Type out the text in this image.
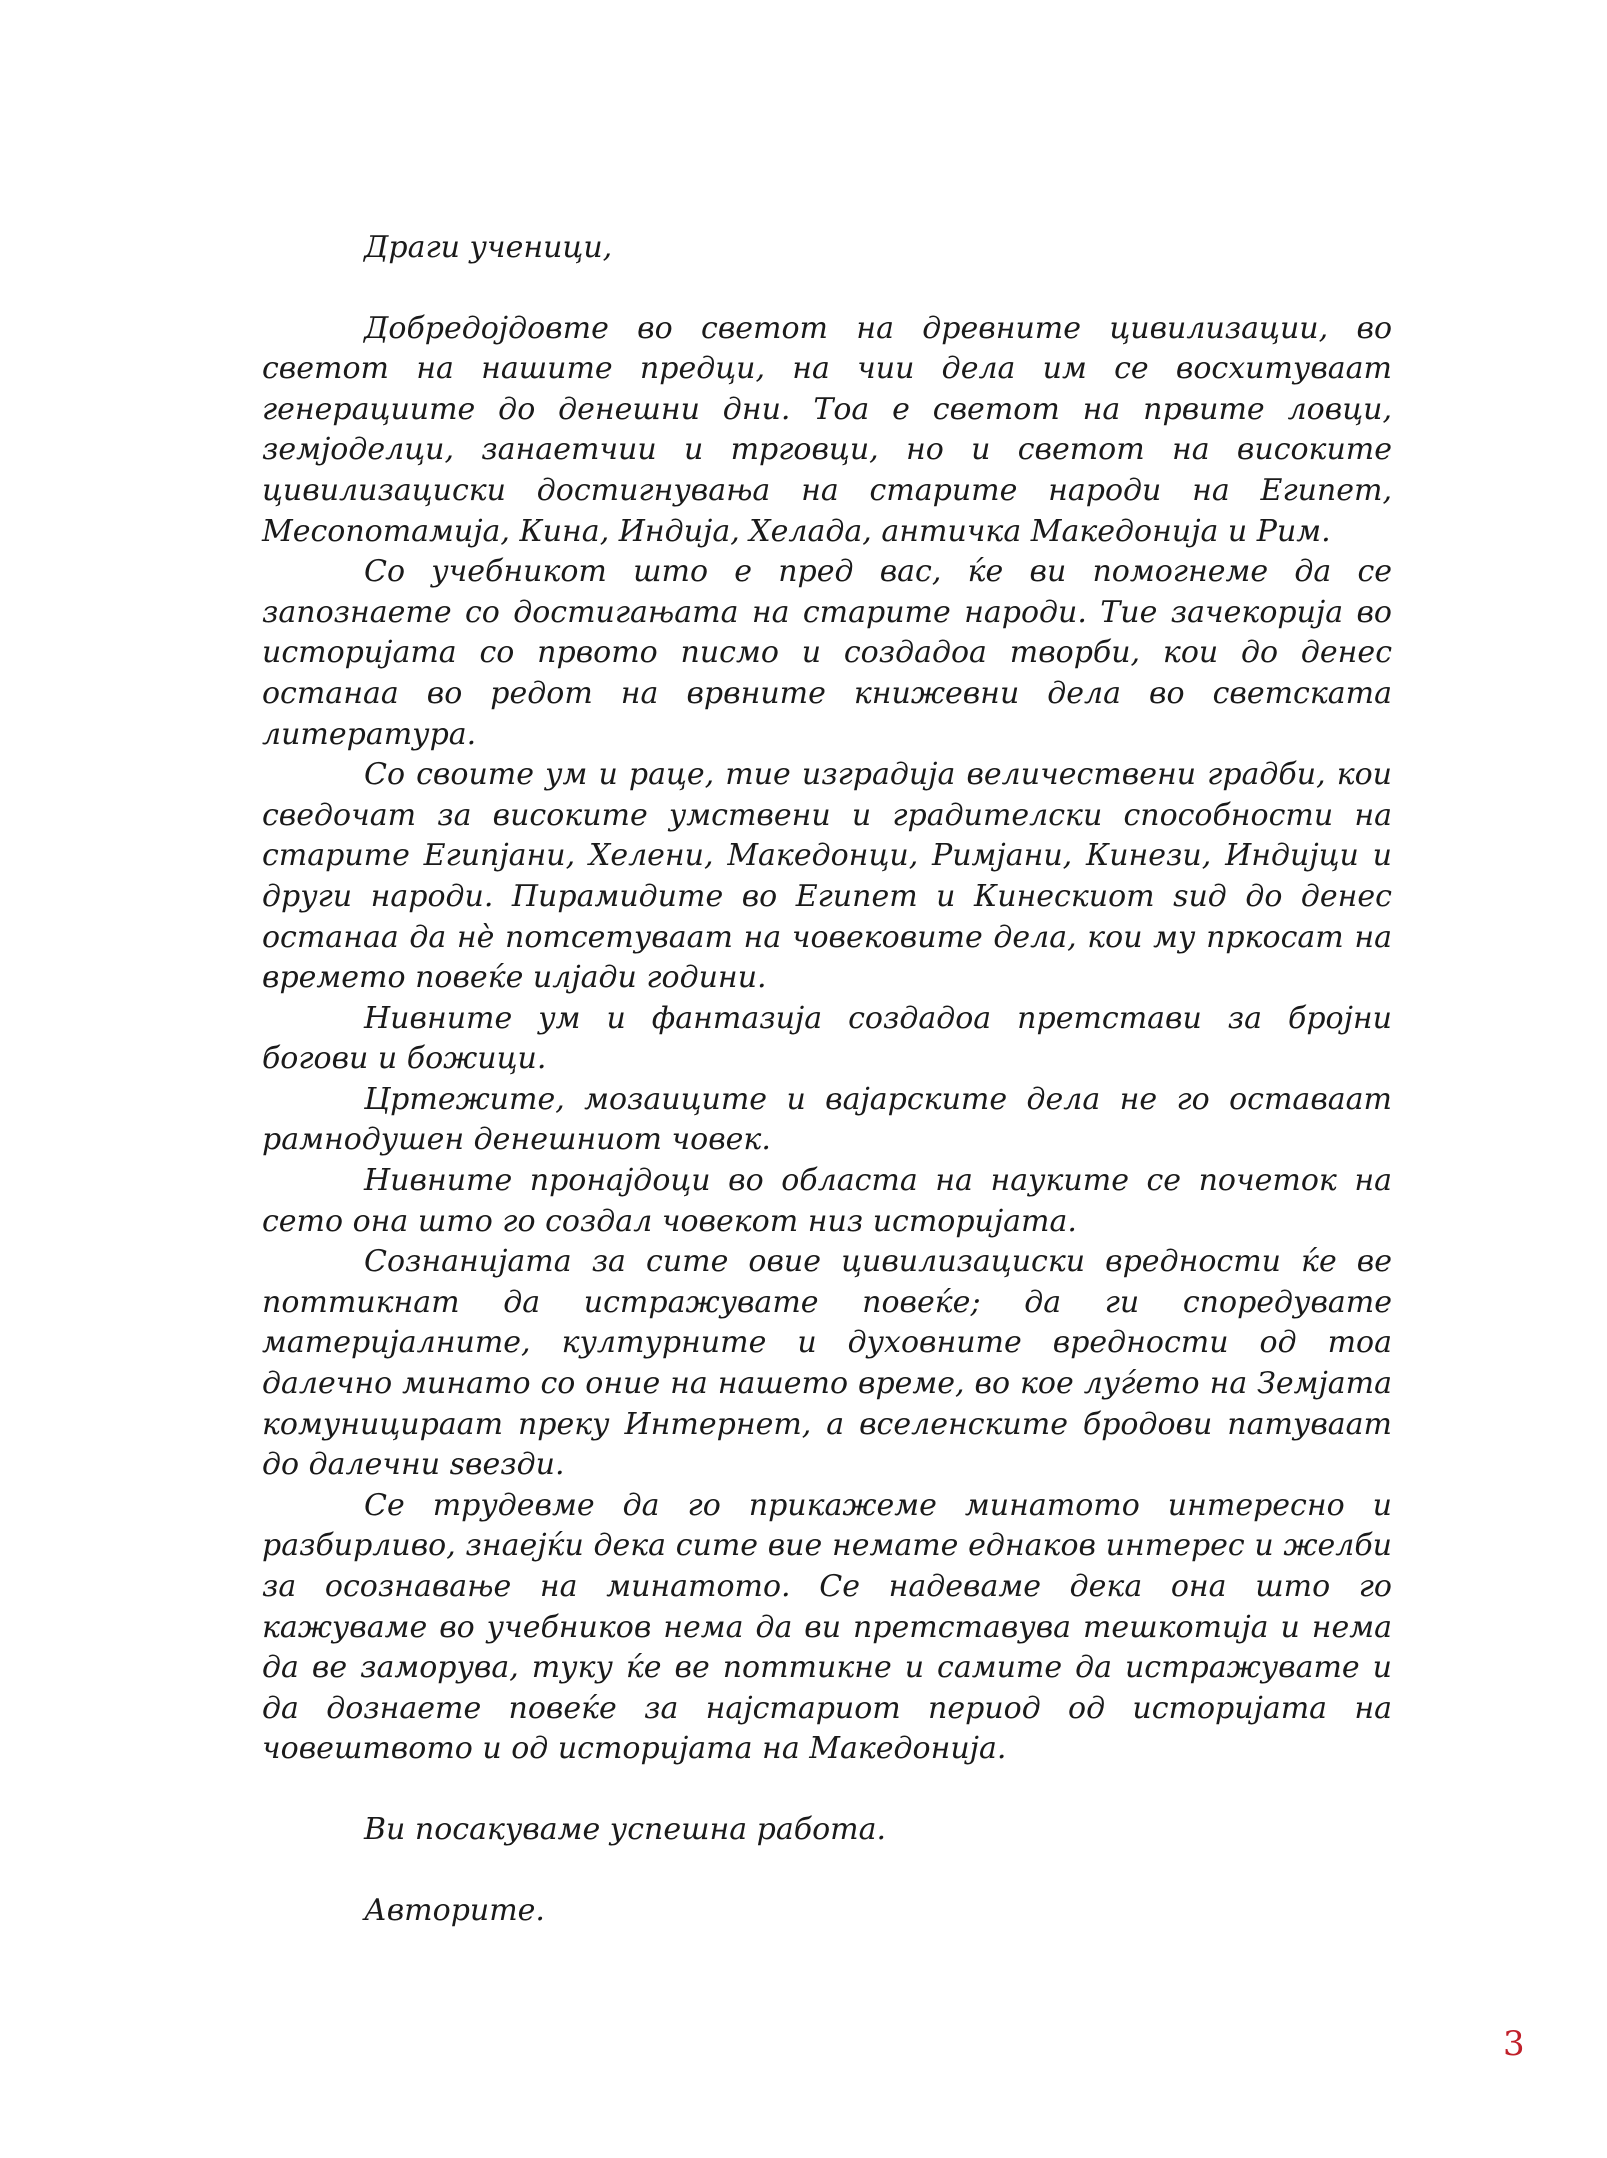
Драги ученици,

Добредојдовте во светот на древните цивилизации, во светот на нашите предци, на чии дела им се восхитуваат генерациите до денешни дни. Тоа е светот на првите ловци, земјоделци, занаетчии и трговци, но и светот на високите цивилизациски достигнувања на старите народи на Египет, Месопотамија, Кина, Индија, Хелада, античка Македонија и Рим.

Со учебникот што е пред вас, ќе ви помогнеме да се запознаете со достигањата на старите народи. Тие зачекорија во историјата со првото писмо и создадоа творби, кои до денес останаа во редот на врвните книжевни дела во светската литература.

Со своите ум и раце, тие изградија величествени градби, кои сведочат за високите умствени и градителски способности на старите Египјани, Хелени, Македонци, Римјани, Кинези, Индијци и други народи. Пирамидите во Египет и Кинескиот ѕид до денес останаа да нè потсетуваат на човековите дела, кои му пркосат на времето повеќе илјади години.

Нивните ум и фантазија создадоа претстави за бројни богови и божици.

Цртежите, мозаиците и вајарските дела не го оставаат рамнодушен денешниот човек.

Нивните пронајдоци во областа на науките се почеток на сето она што го создал човекот низ историјата.

Сознанијата за сите овие цивилизациски вредности ќе ве поттикнат да истражувате повеќе; да ги споредувате материјалните, културните и духовните вредности од тоа далечно минато со оние на нашето време, во кое луѓето на Земјата комуницираат преку Интернет, а вселенските бродови патуваат до далечни ѕвезди.

Се трудевме да го прикажеме минатото интересно и разбирливо, знаејќи дека сите вие немате еднаков интерес и желби за осознавање на минатото. Се надеваме дека она што го кажуваме во учебников нема да ви претставува тешкотија и нема да ве заморува, туку ќе ве поттикне и самите да истражувате и да дознаете повеќе за најстариот период од историјата на човештвото и од историјата на Македонија.

Ви посакуваме успешна работа.

Авторите.

3
